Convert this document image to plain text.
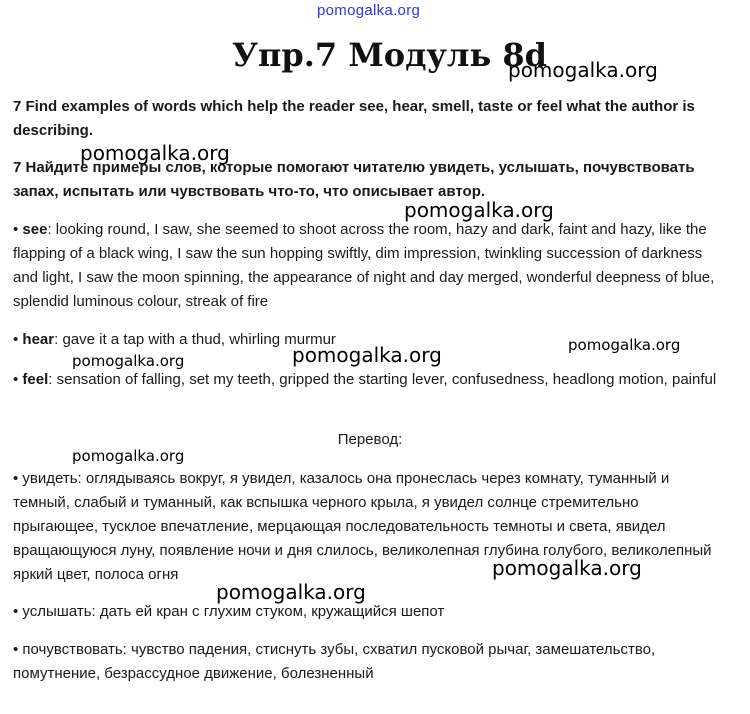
pomogalka.org
Упр.7 Модуль 8d
pomogalka.org
7 Find examples of words which help the reader see, hear, smell, taste or feel what the author is describing.
7 Найдите примеры слов, которые помогают читателю увидеть, услышать, почувствовать запах, испытать или чувствовать что-то, что описывает автор.
pomogalka.org
pomogalka.org
• see: looking round, I saw, she seemed to shoot across the room, hazy and dark, faint and hazy, like the flapping of a black wing, I saw the sun hopping swiftly, dim impression, twinkling succession of darkness and light, I saw the moon spinning, the appearance of night and day merged, wonderful deepness of blue, splendid luminous colour, streak of fire
• hear: gave it a tap with a thud, whirling murmur
pomogalka.org	pomogalka.org	pomogalka.org
• feel: sensation of falling, set my teeth, gripped the starting lever, confusedness, headlong motion, painful
Перевод:
pomogalka.org
• увидеть: оглядываясь вокруг, я увидел, казалось она пронеслась через комнату, туманный и темный, слабый и туманный, как вспышка черного крыла, я увидел солнце стремительно прыгающее, тусклое впечатление, мерцающая последовательность темноты и света, явидел вращающуюся луну, появление ночи и дня слилось, великолепная глубина голубого, великолепный яркий цвет, полоса огня	pomogalka.org
pomogalka.org
• услышать: дать ей кран с глухим стуком, кружащийся шепот
• почувствовать: чувство падения, стиснуть зубы, схватил пусковой рычаг, замешательство, помутнение, безрассудное движение, болезненный
